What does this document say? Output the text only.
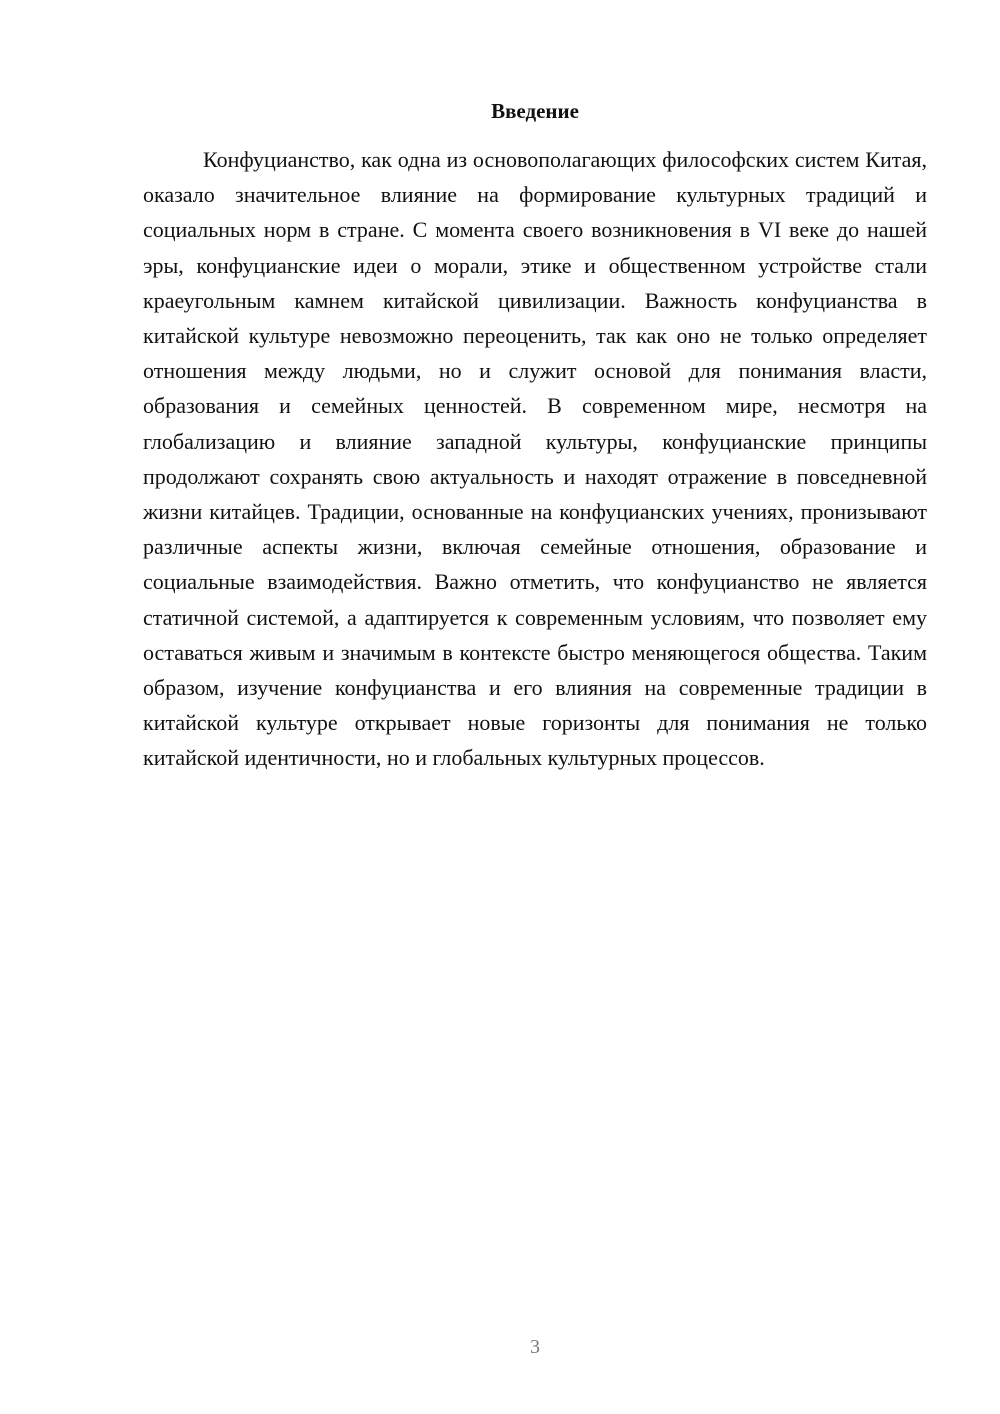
Введение

Конфуцианство, как одна из основополагающих философских систем Китая, оказало значительное влияние на формирование культурных традиций и социальных норм в стране. С момента своего возникновения в VI веке до нашей эры, конфуцианские идеи о морали, этике и общественном устройстве стали краеугольным камнем китайской цивилизации. Важность конфуцианства в китайской культуре невозможно переоценить, так как оно не только определяет отношения между людьми, но и служит основой для понимания власти, образования и семейных ценностей. В современном мире, несмотря на глобализацию и влияние западной культуры, конфуцианские принципы продолжают сохранять свою актуальность и находят отражение в повседневной жизни китайцев. Традиции, основанные на конфуцианских учениях, пронизывают различные аспекты жизни, включая семейные отношения, образование и социальные взаимодействия. Важно отметить, что конфуцианство не является статичной системой, а адаптируется к современным условиям, что позволяет ему оставаться живым и значимым в контексте быстро меняющегося общества. Таким образом, изучение конфуцианства и его влияния на современные традиции в китайской культуре открывает новые горизонты для понимания не только китайской идентичности, но и глобальных культурных процессов.

3
